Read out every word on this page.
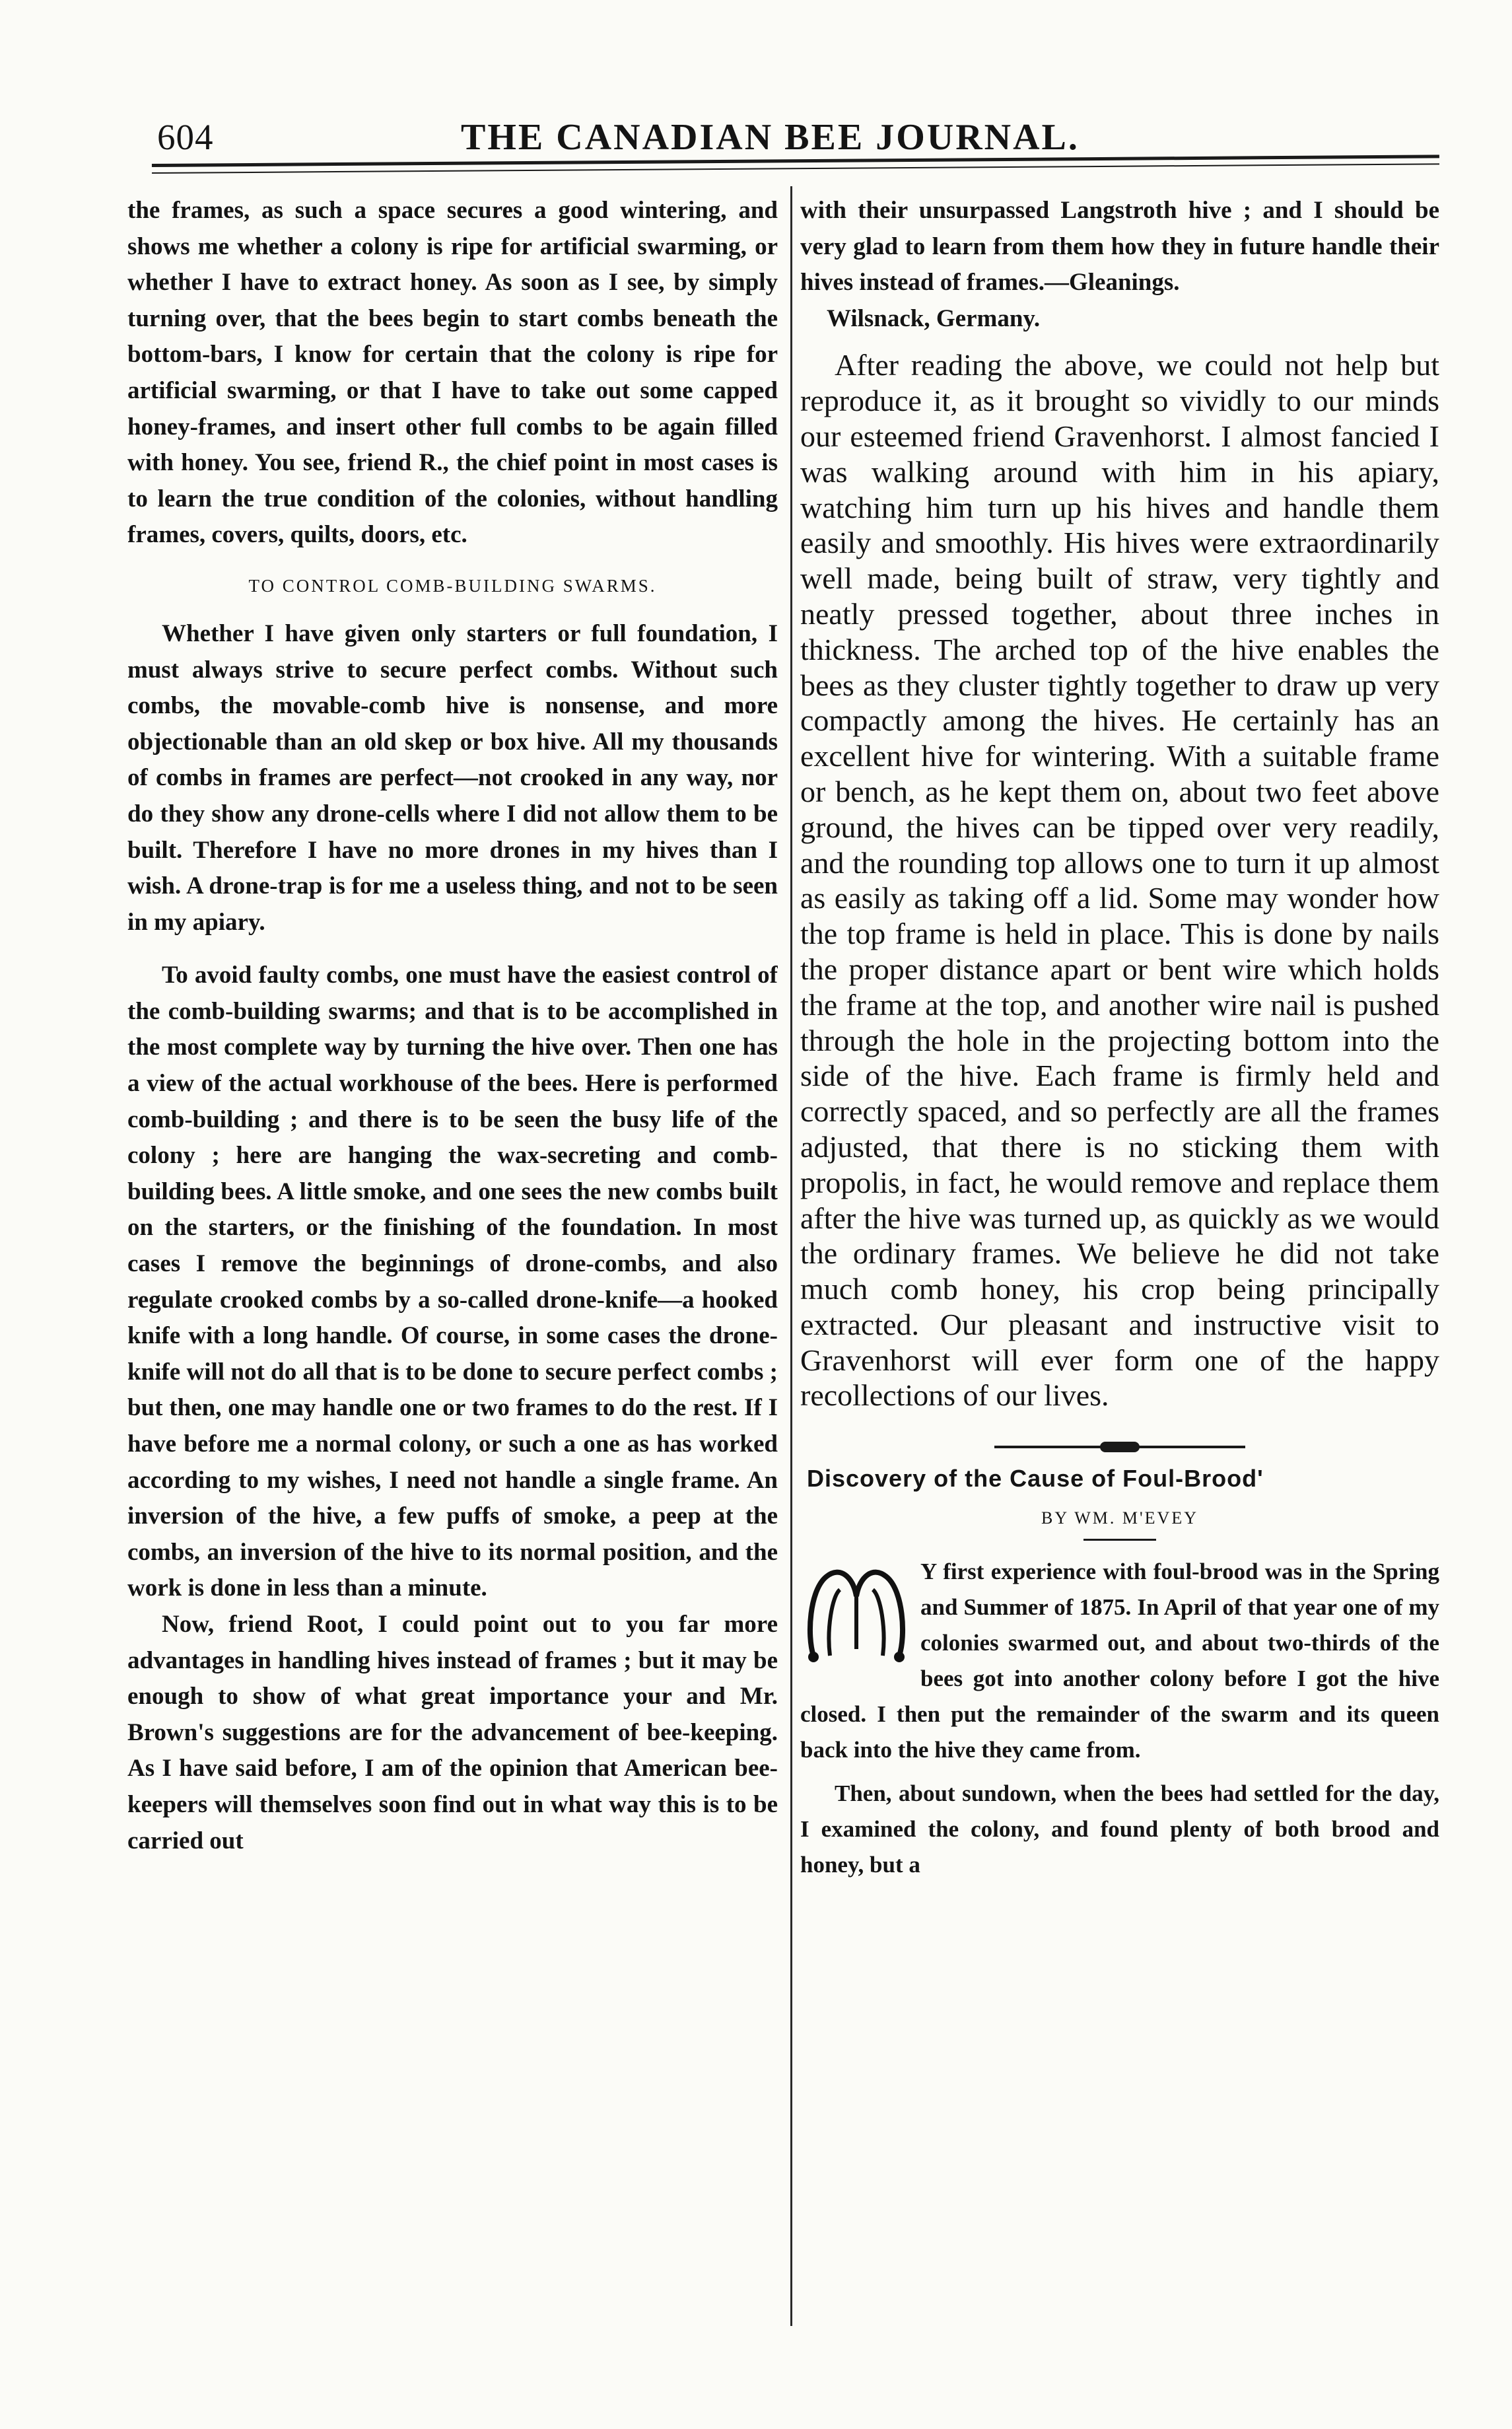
604	THE CANADIAN BEE JOURNAL.

the frames, as such a space secures a good wintering, and shows me whether a colony is ripe for artificial swarming, or whether I have to extract honey. As soon as I see, by simply turning over, that the bees begin to start combs beneath the bottom-bars, I know for certain that the colony is ripe for artificial swarming, or that I have to take out some capped honey-frames, and insert other full combs to be again filled with honey. You see, friend R., the chief point in most cases is to learn the true condition of the colonies, without handling frames, covers, quilts, doors, etc.

TO CONTROL COMB-BUILDING SWARMS.

Whether I have given only starters or full foundation, I must always strive to secure perfect combs. Without such combs, the movable-comb hive is nonsense, and more objectionable than an old skep or box hive. All my thousands of combs in frames are perfect—not crooked in any way, nor do they show any drone-cells where I did not allow them to be built. Therefore I have no more drones in my hives than I wish. A drone-trap is for me a useless thing, and not to be seen in my apiary.

To avoid faulty combs, one must have the easiest control of the comb-building swarms; and that is to be accomplished in the most complete way by turning the hive over. Then one has a view of the actual workhouse of the bees. Here is performed comb-building ; and there is to be seen the busy life of the colony ; here are hanging the wax-secreting and comb-building bees. A little smoke, and one sees the new combs built on the starters, or the finishing of the foundation. In most cases I remove the beginnings of drone-combs, and also regulate crooked combs by a so-called drone-knife—a hooked knife with a long handle. Of course, in some cases the drone-knife will not do all that is to be done to secure perfect combs ; but then, one may handle one or two frames to do the rest. If I have before me a normal colony, or such a one as has worked according to my wishes, I need not handle a single frame. An inversion of the hive, a few puffs of smoke, a peep at the combs, an inversion of the hive to its normal position, and the work is done in less than a minute.

Now, friend Root, I could point out to you far more advantages in handling hives instead of frames ; but it may be enough to show of what great importance your and Mr. Brown's suggestions are for the advancement of bee-keeping. As I have said before, I am of the opinion that American bee-keepers will themselves soon find out in what way this is to be carried out

with their unsurpassed Langstroth hive ; and I should be very glad to learn from them how they in future handle their hives instead of frames.—Gleanings.

Wilsnack, Germany.

After reading the above, we could not help but reproduce it, as it brought so vividly to our minds our esteemed friend Gravenhorst. I almost fancied I was walking around with him in his apiary, watching him turn up his hives and handle them easily and smoothly. His hives were extraordinarily well made, being built of straw, very tightly and neatly pressed together, about three inches in thickness. The arched top of the hive enables the bees as they cluster tightly together to draw up very compactly among the hives. He certainly has an excellent hive for wintering. With a suitable frame or bench, as he kept them on, about two feet above ground, the hives can be tipped over very readily, and the rounding top allows one to turn it up almost as easily as taking off a lid. Some may wonder how the top frame is held in place. This is done by nails the proper distance apart or bent wire which holds the frame at the top, and another wire nail is pushed through the hole in the projecting bottom into the side of the hive. Each frame is firmly held and correctly spaced, and so perfectly are all the frames adjusted, that there is no sticking them with propolis, in fact, he would remove and replace them after the hive was turned up, as quickly as we would the ordinary frames. We believe he did not take much comb honey, his crop being principally extracted. Our pleasant and instructive visit to Gravenhorst will ever form one of the happy recollections of our lives.

Discovery of the Cause of Foul-Brood'
BY WM. M'EVEY
M

Y first experience with foul-brood was in the Spring and Summer of 1875. In April of that year one of my colonies swarmed out, and about two-thirds of the bees got into another colony before I got the hive closed. I then put the remainder of the swarm and its queen back into the hive they came from.

Then, about sundown, when the bees had settled for the day, I examined the colony, and found plenty of both brood and honey, but a
